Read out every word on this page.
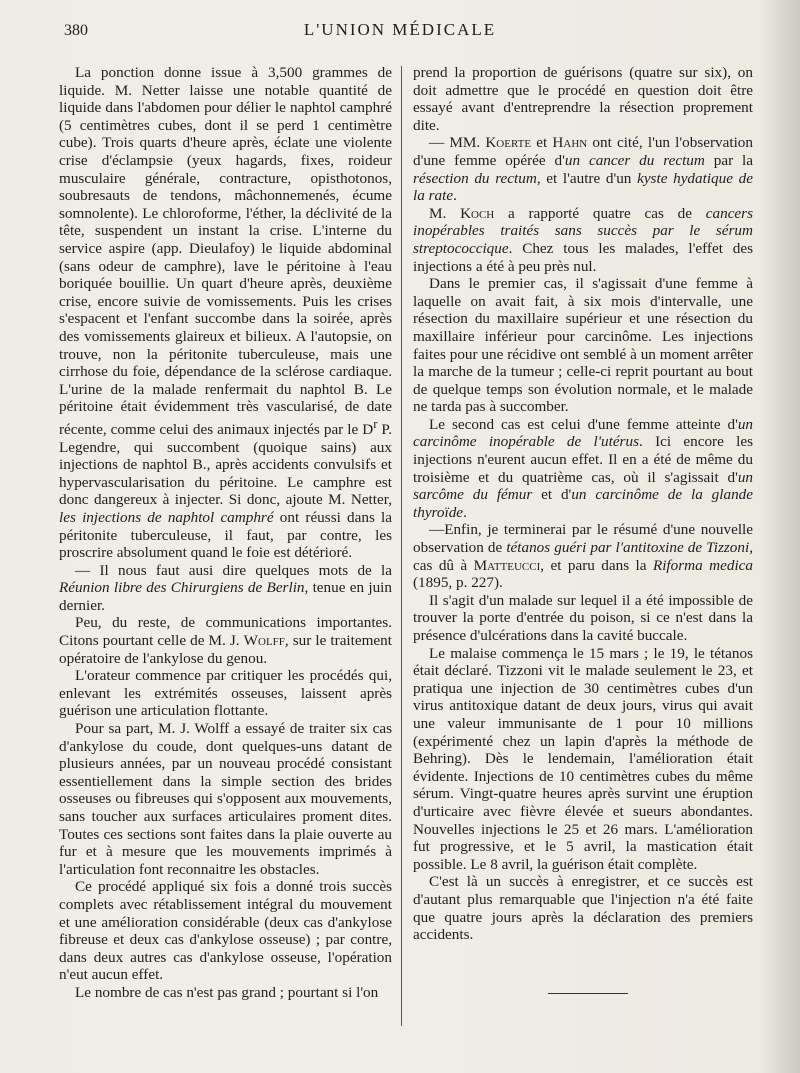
380	L'UNION MÉDICALE

La ponction donne issue à 3,500 grammes de liquide. M. Netter laisse une notable quantité de liquide dans l'abdomen pour délier le naphtol camphré (5 centimètres cubes, dont il se perd 1 centimètre cube). Trois quarts d'heure après, éclate une violente crise d'éclampsie (yeux hagards, fixes, roideur musculaire générale, contracture, opisthotonos, soubresauts de tendons, mâchonnemenés, écume somnolente). Le chloroforme, l'éther, la déclivité de la tête, suspendent un instant la crise. L'interne du service aspire (app. Dieulafoy) le liquide abdominal (sans odeur de camphre), lave le péritoine à l'eau boriquée bouillie. Un quart d'heure après, deuxième crise, encore suivie de vomissements. Puis les crises s'espacent et l'enfant succombe dans la soirée, après des vomissements glaireux et bilieux. A l'autopsie, on trouve, non la péritonite tuberculeuse, mais une cirrhose du foie, dépendance de la sclérose cardiaque. L'urine de la malade renfermait du naphtol B. Le péritoine était évidemment très vascularisé, de date récente, comme celui des animaux injectés par le $D^r$ P. Legendre, qui succombent (quoique sains) aux injections de naphtol B., après accidents convulsifs et hypervascularisation du péritoine. Le camphre est donc dangereux à injecter. Si donc, ajoute M. Netter, les injections de naphtol camphré ont réussi dans la péritonite tuberculeuse, il faut, par contre, les proscrire absolument quand le foie est détérioré.

— Il nous faut ausi dire quelques mots de la Réunion libre des Chirurgiens de Berlin, tenue en juin dernier.

Peu, du reste, de communications importantes. Citons pourtant celle de M. J. Wolff, sur le traitement opératoire de l'ankylose du genou.

L'orateur commence par critiquer les procédés qui, enlevant les extrémités osseuses, laissent après guérison une articulation flottante.

Pour sa part, M. J. Wolff a essayé de traiter six cas d'ankylose du coude, dont quelques-uns datant de plusieurs années, par un nouveau procédé consistant essentiellement dans la simple section des brides osseuses ou fibreuses qui s'opposent aux mouvements, sans toucher aux surfaces articulaires proment dites. Toutes ces sections sont faites dans la plaie ouverte au fur et à mesure que les mouvements imprimés à l'articulation font reconnaitre les obstacles.

Ce procédé appliqué six fois a donné trois succès complets avec rétablissement intégral du mouvement et une amélioration considérable (deux cas d'ankylose fibreuse et deux cas d'ankylose osseuse) ; par contre, dans deux autres cas d'ankylose osseuse, l'opération n'eut aucun effet.

Le nombre de cas n'est pas grand ; pourtant si l'on

prend la proportion de guérisons (quatre sur six), on doit admettre que le procédé en question doit être essayé avant d'entreprendre la résection proprement dite.

— MM. Koerte et Hahn ont cité, l'un l'observation d'une femme opérée d'un cancer du rectum par la résection du rectum, et l'autre d'un kyste hydatique de la rate.

M. Koch a rapporté quatre cas de cancers inopérables traités sans succès par le sérum streptococcique. Chez tous les malades, l'effet des injections a été à peu près nul.

Dans le premier cas, il s'agissait d'une femme à laquelle on avait fait, à six mois d'intervalle, une résection du maxillaire supérieur et une résection du maxillaire inférieur pour carcinôme. Les injections faites pour une récidive ont semblé à un moment arrêter la marche de la tumeur ; celle-ci reprit pourtant au bout de quelque temps son évolution normale, et le malade ne tarda pas à succomber.

Le second cas est celui d'une femme atteinte d'un carcinôme inopérable de l'utérus. Ici encore les injections n'eurent aucun effet. Il en a été de même du troisième et du quatrième cas, où il s'agissait d'un sarcôme du fémur et d'un carcinôme de la glande thyroïde.

—Enfin, je terminerai par le résumé d'une nouvelle observation de tétanos guéri par l'antitoxine de Tizzoni, cas dû à Matteucci, et paru dans la Riforma medica (1895, p. 227).

Il s'agit d'un malade sur lequel il a été impossible de trouver la porte d'entrée du poison, si ce n'est dans la présence d'ulcérations dans la cavité buccale.

Le malaise commença le 15 mars ; le 19, le tétanos était déclaré. Tizzoni vit le malade seulement le 23, et pratiqua une injection de 30 centimètres cubes d'un virus antitoxique datant de deux jours, virus qui avait une valeur immunisante de 1 pour 10 millions (expérimenté chez un lapin d'après la méthode de Behring). Dès le lendemain, l'amélioration était évidente. Injections de 10 centimètres cubes du même sérum. Vingt-quatre heures après survint une éruption d'urticaire avec fièvre élevée et sueurs abondantes. Nouvelles injections le 25 et 26 mars. L'amélioration fut progressive, et le 5 avril, la mastication était possible. Le 8 avril, la guérison était complète.

C'est là un succès à enregistrer, et ce succès est d'autant plus remarquable que l'injection n'a été faite que quatre jours après la déclaration des premiers accidents.
